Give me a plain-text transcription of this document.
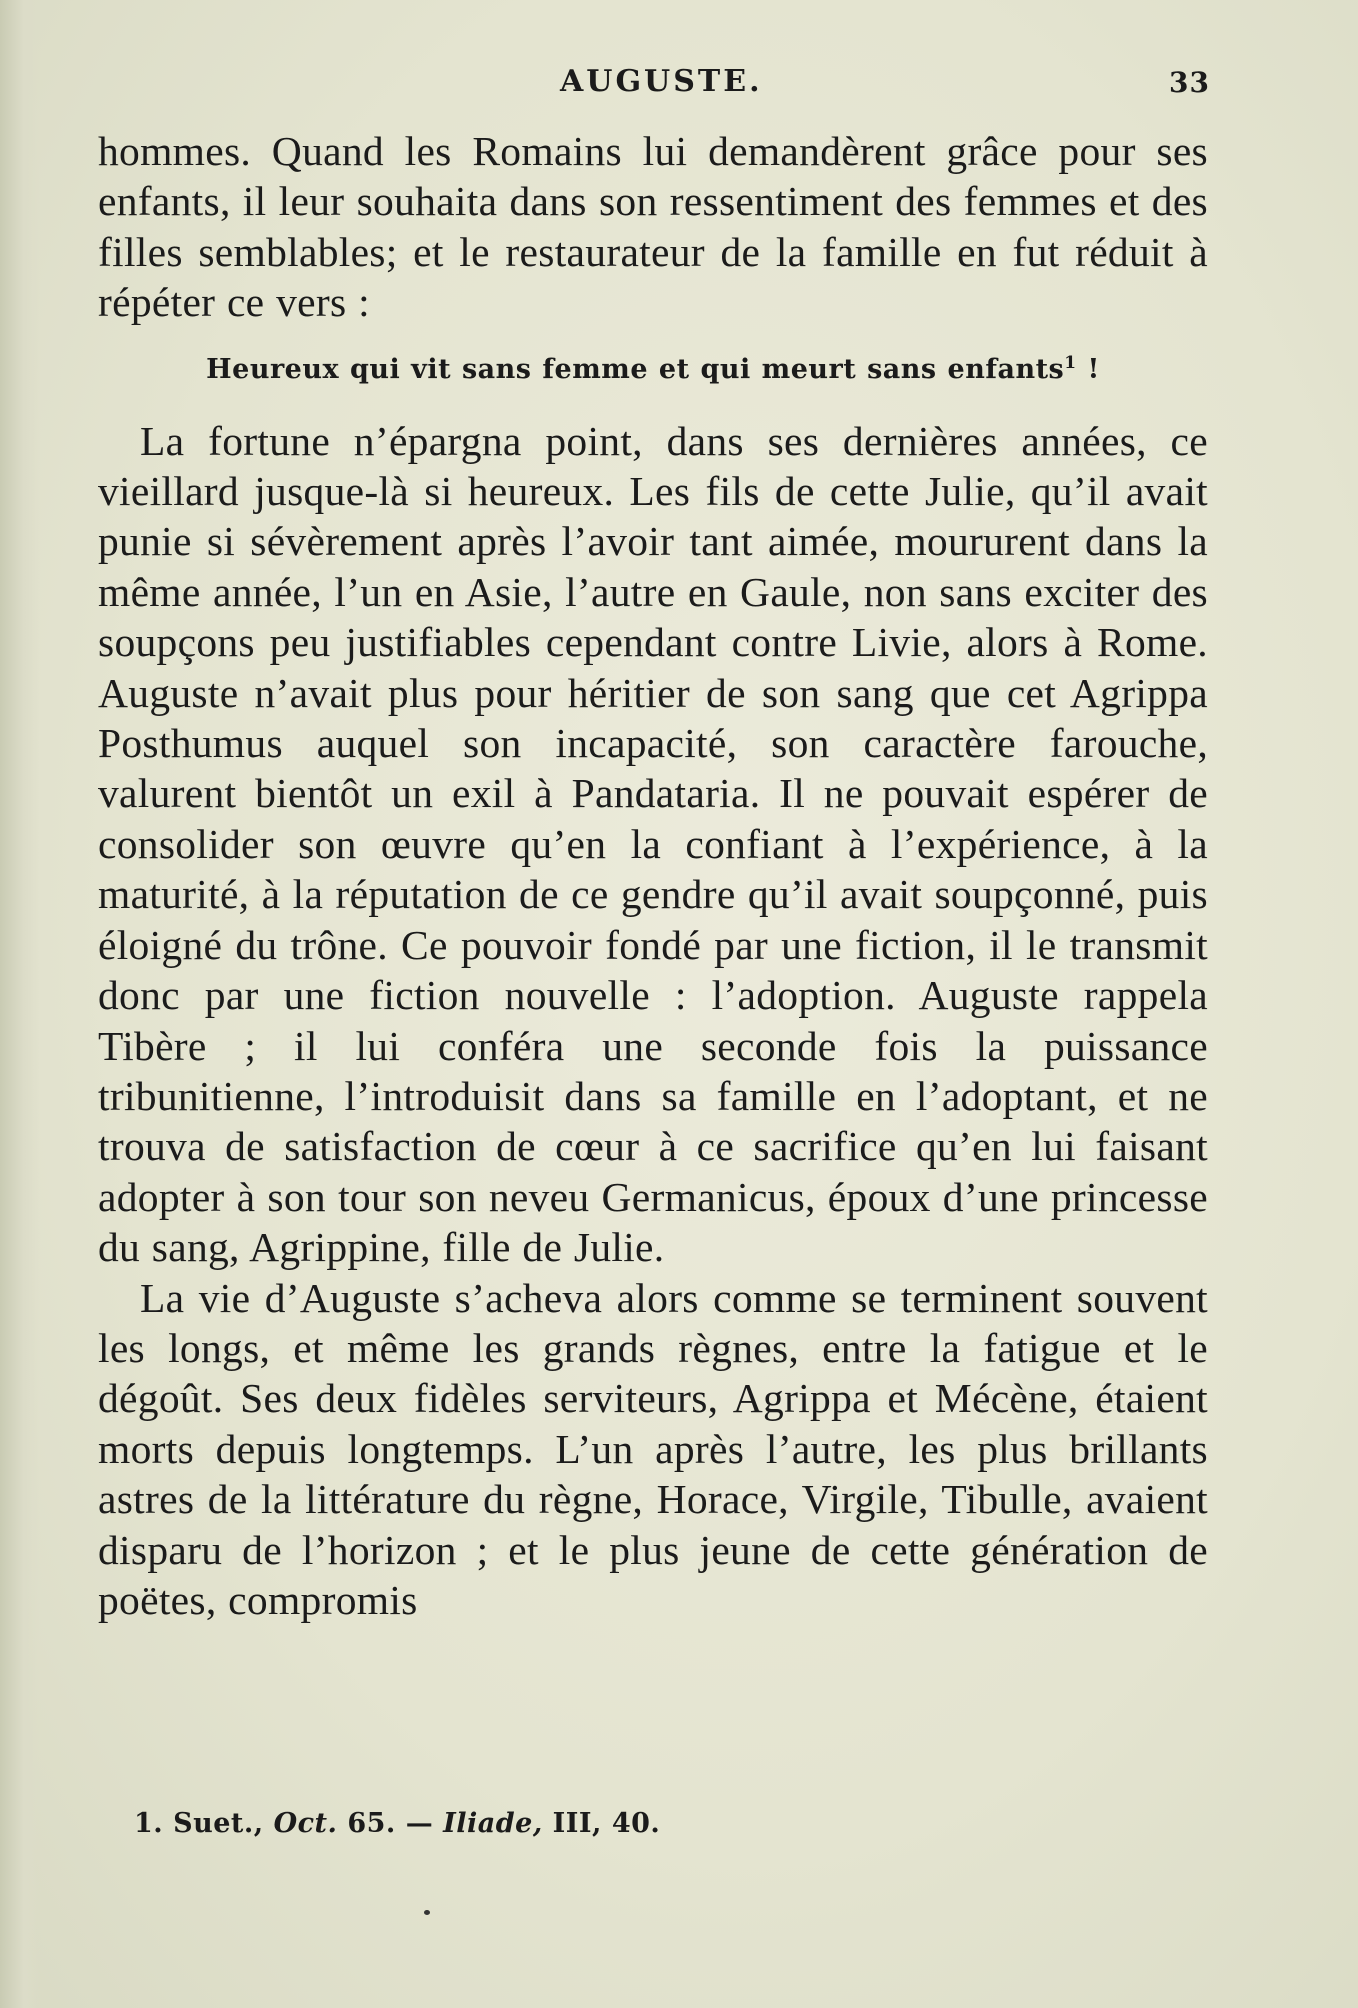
AUGUSTE.	33

hommes. Quand les Romains lui demandèrent grâce pour ses enfants, il leur souhaita dans son ressentiment des femmes et des filles semblables; et le restaurateur de la famille en fut réduit à répéter ce vers :

Heureux qui vit sans femme et qui meurt sans enfants$^1$ !

La fortune n’épargna point, dans ses dernières années, ce vieillard jusque-là si heureux. Les fils de cette Julie, qu’il avait punie si sévèrement après l’avoir tant aimée, moururent dans la même année, l’un en Asie, l’autre en Gaule, non sans exciter des soupçons peu justifiables cependant contre Livie, alors à Rome. Auguste n’avait plus pour héritier de son sang que cet Agrippa Posthumus auquel son incapacité, son caractère farouche, valurent bientôt un exil à Pandataria. Il ne pouvait espérer de consolider son œuvre qu’en la confiant à l’expérience, à la maturité, à la réputation de ce gendre qu’il avait soupçonné, puis éloigné du trône. Ce pouvoir fondé par une fiction, il le transmit donc par une fiction nouvelle : l’adoption. Auguste rappela Tibère ; il lui conféra une seconde fois la puissance tribunitienne, l’introduisit dans sa famille en l’adoptant, et ne trouva de satisfaction de cœur à ce sacrifice qu’en lui faisant adopter à son tour son neveu Germanicus, époux d’une princesse du sang, Agrippine, fille de Julie.

La vie d’Auguste s’acheva alors comme se terminent souvent les longs, et même les grands règnes, entre la fatigue et le dégoût. Ses deux fidèles serviteurs, Agrippa et Mécène, étaient morts depuis longtemps. L’un après l’autre, les plus brillants astres de la littérature du règne, Horace, Virgile, Tibulle, avaient disparu de l’horizon ; et le plus jeune de cette génération de poëtes, compromis

1. Suet., Oct. 65. — Iliade, III, 40.
